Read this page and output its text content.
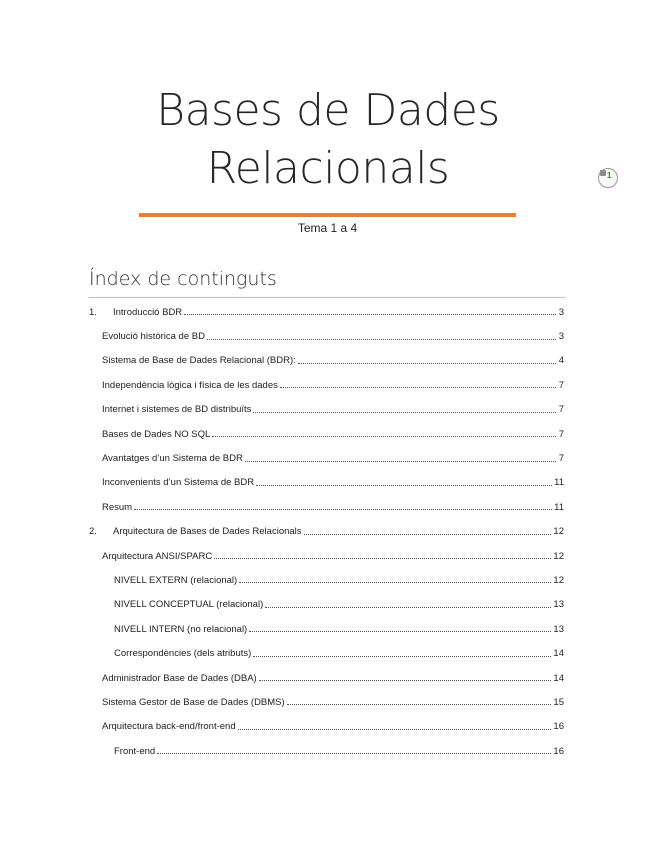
Bases de Dades
Relacionals
Tema 1 a 4
1
Índex de continguts
1.	Introducció BDR	3
Evolució històrica de BD	3
Sistema de Base de Dades Relacional (BDR):	4
Independència lògica i física de les dades	7
Internet i sistemes de BD distribuïts	7
Bases de Dades NO SQL	7
Avantatges d’un Sistema de BDR	7
Inconvenients d’un Sistema de BDR	11
Resum	11
2.	Arquitectura de Bases de Dades Relacionals	12
Arquitectura ANSI/SPARC	12
NIVELL EXTERN (relacional)	12
NIVELL CONCEPTUAL (relacional)	13
NIVELL INTERN (no relacional)	13
Correspondències (dels atributs)	14
Administrador Base de Dades (DBA)	14
Sistema Gestor de Base de Dades (DBMS)	15
Arquitectura back-end/front-end	16
Front-end	16
